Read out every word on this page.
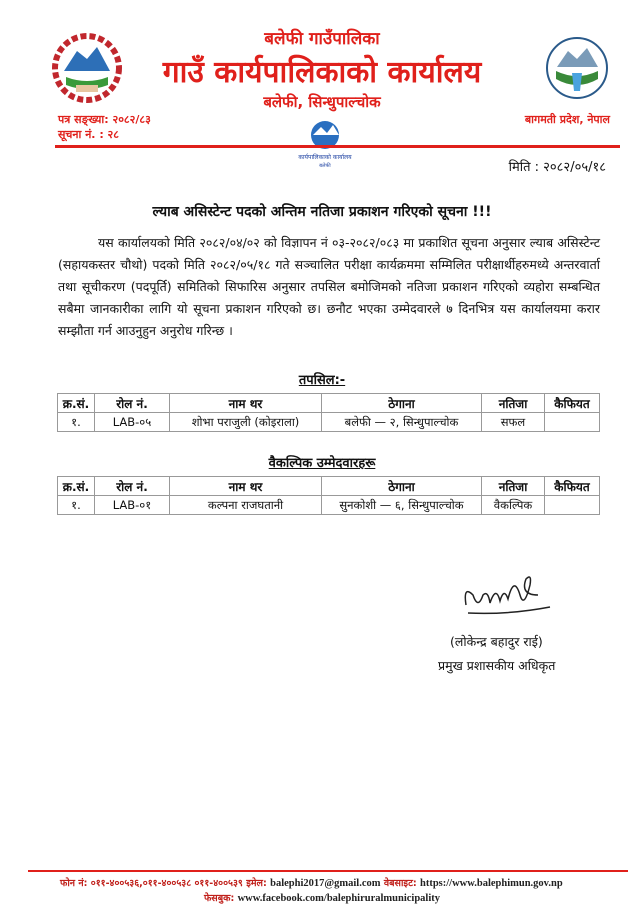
कार्यपालिकाको कार्यालय
बलेफी
बलेफी गाउँपालिका
गाउँ कार्यपालिकाको कार्यालय
बलेफी, सिन्धुपाल्चोक
पत्र सङ्ख्या: २०८२/८३
सूचना नं. : २८
बागमती प्रदेश, नेपाल
मिति : २०८२/०५/१८
ल्याब असिस्टेन्ट पदको अन्तिम नतिजा प्रकाशन गरिएको सूचना !!!
यस कार्यालयको मिति २०८२/०४/०२ को विज्ञापन नं ०३-२०८२/०८३ मा प्रकाशित सूचना अनुसार ल्याब असिस्टेन्ट (सहायकस्तर चौथो) पदको मिति २०८२/०५/१८ गते सञ्चालित परीक्षा कार्यक्रममा सम्मिलित परीक्षार्थीहरुमध्ये अन्तरवार्ता तथा सूचीकरण (पदपूर्ति) समितिको सिफारिस अनुसार तपसिल बमोजिमको नतिजा प्रकाशन गरिएको व्यहोरा सम्बन्धित सबैमा जानकारीका लागि यो सूचना प्रकाशन गरिएको छ। छनौट भएका उम्मेदवारले ७ दिनभित्र यस कार्यालयमा करार सम्झौता गर्न आउनुहुन अनुरोध गरिन्छ ।
तपसिल:-
क्र.सं.	रोल नं.	नाम थर	ठेगाना	नतिजा	कैफियत
१.	LAB-०५	शोभा पराजुली (कोइराला)	बलेफी — २, सिन्धुपाल्चोक	सफल	
वैकल्पिक उम्मेदवारहरू
क्र.सं.	रोल नं.	नाम थर	ठेगाना	नतिजा	कैफियत
१.	LAB-०१	कल्पना राजघतानी	सुनकोशी — ६, सिन्धुपाल्चोक	वैकल्पिक	
(लोकेन्द्र बहादुर राई)
प्रमुख प्रशासकीय अधिकृत
फोन नं: ०११-४००५३६,०११-४००५३८ ०११-४००५३९ इमेल: balephi2017@gmail.com वेबसाइट: https://www.balephimun.gov.np
फेसबुक: www.facebook.com/balephiruralmunicipality
